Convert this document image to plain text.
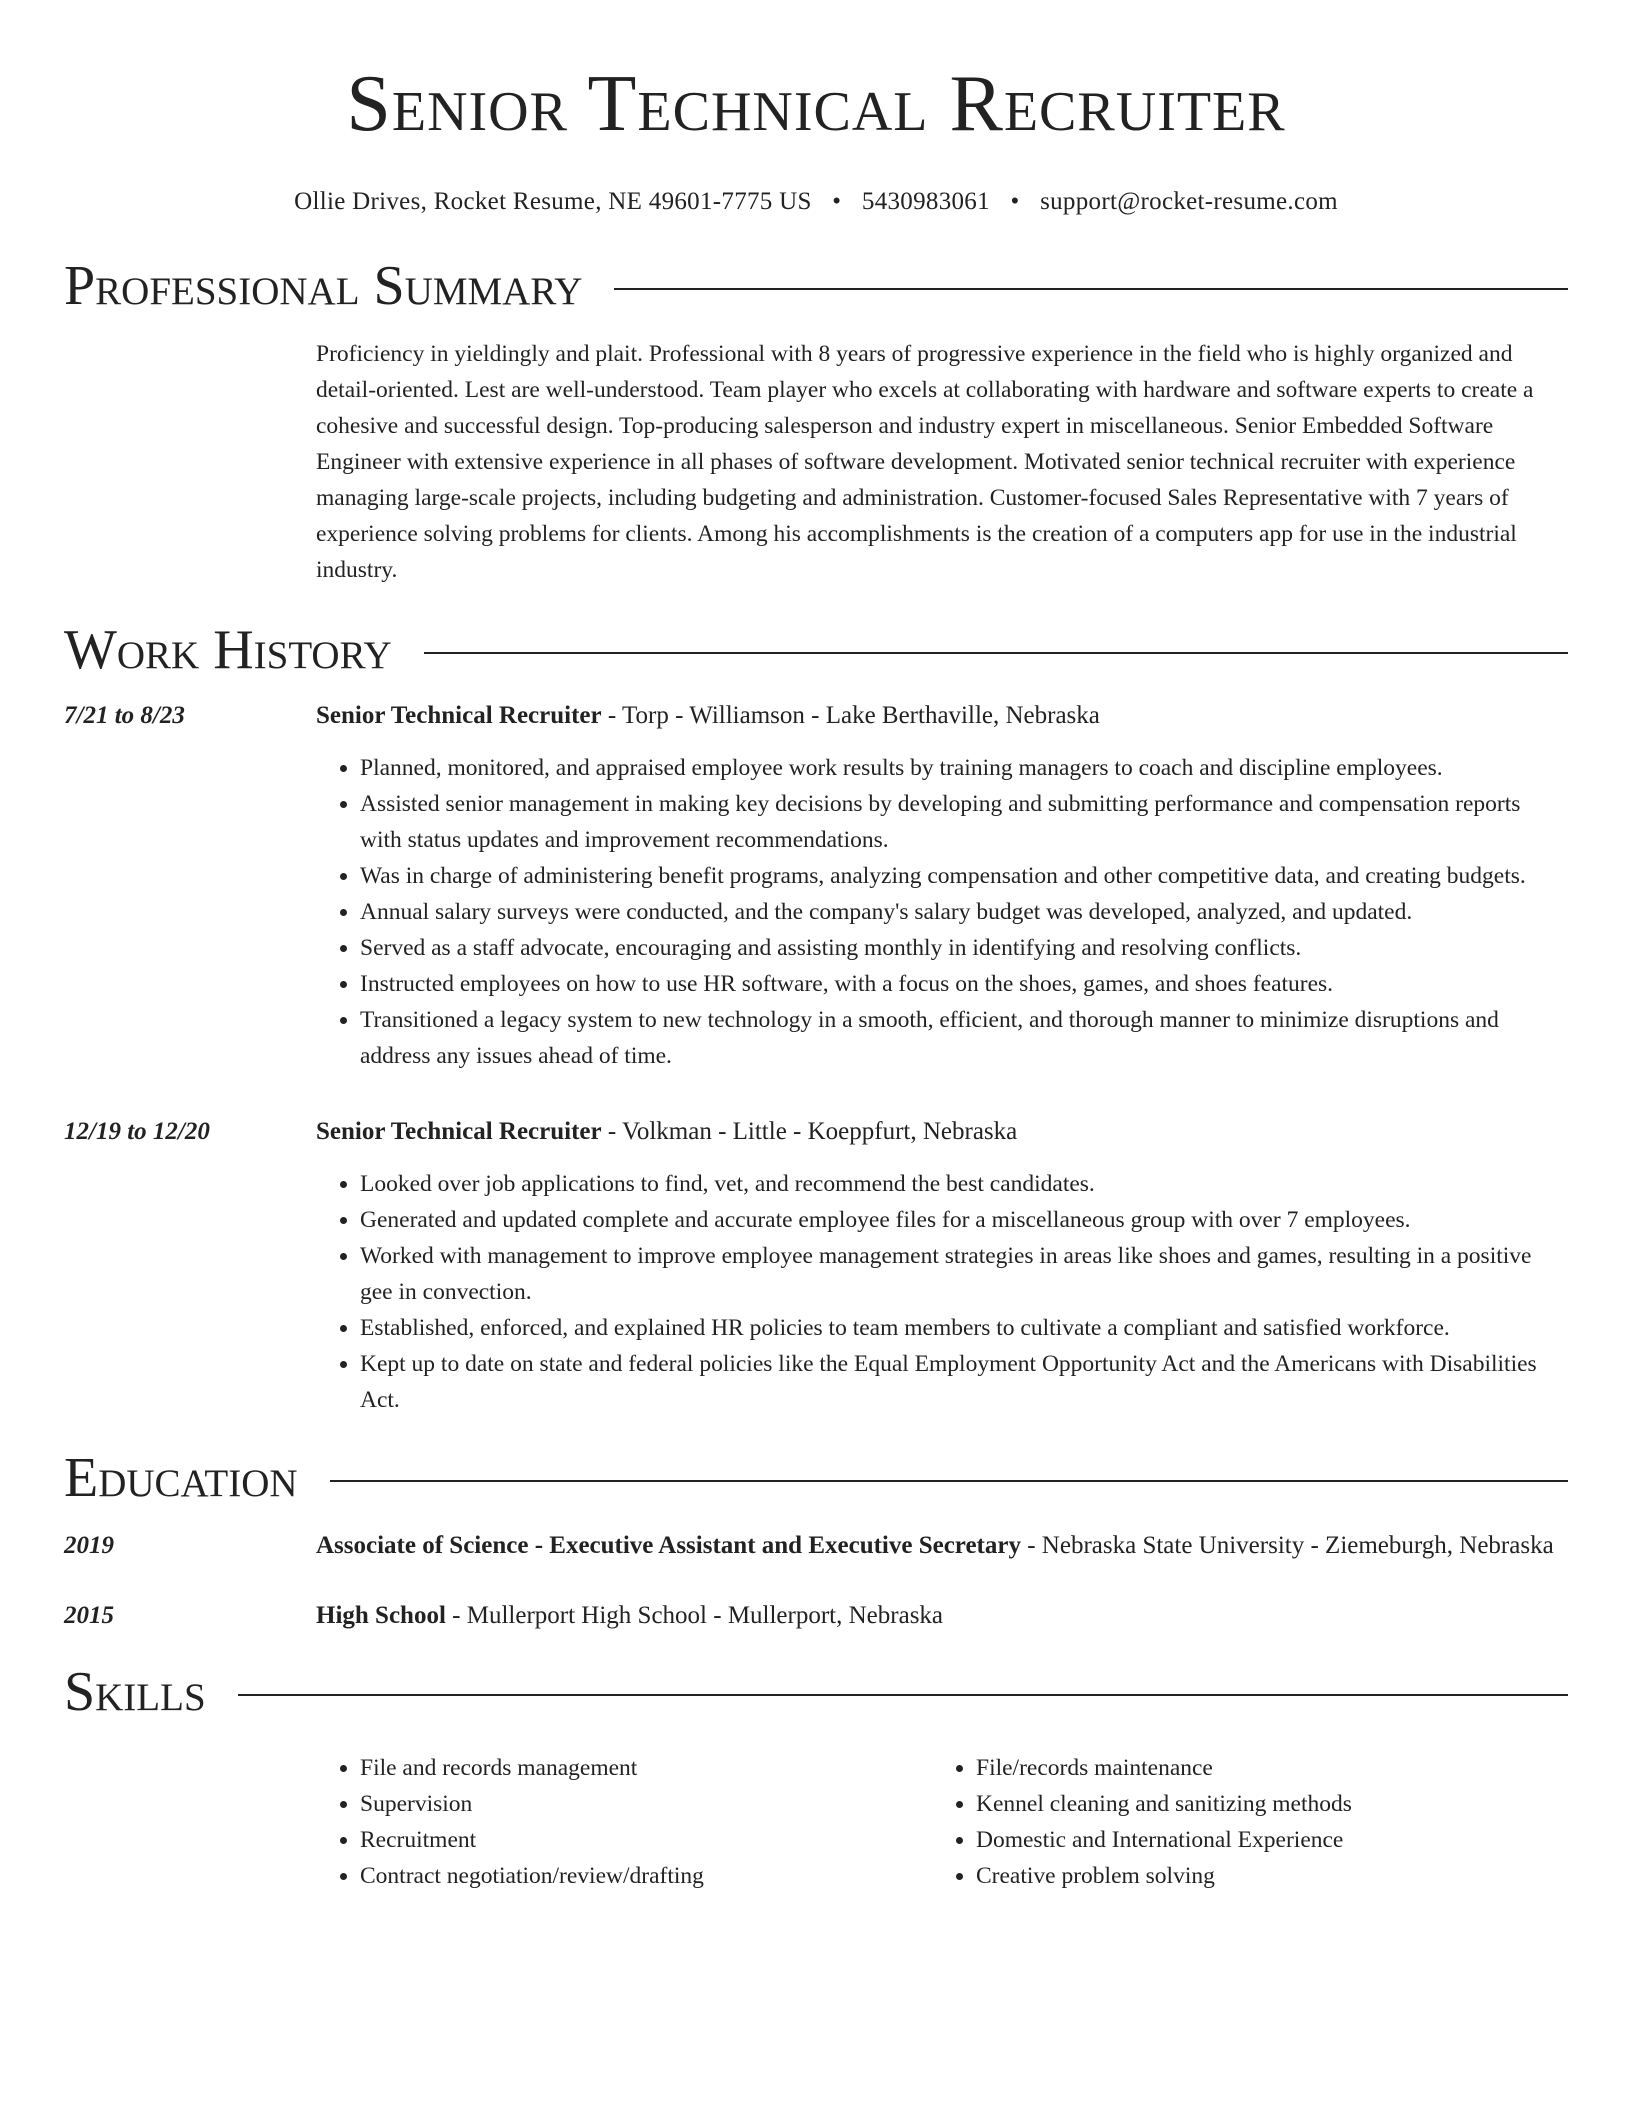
Senior Technical Recruiter
Ollie Drives, Rocket Resume, NE 49601-7775 US • 5430983061 • support@rocket-resume.com
Professional Summary
Proficiency in yieldingly and plait. Professional with 8 years of progressive experience in the field who is highly organized and detail-oriented. Lest are well-understood. Team player who excels at collaborating with hardware and software experts to create a cohesive and successful design. Top-producing salesperson and industry expert in miscellaneous. Senior Embedded Software Engineer with extensive experience in all phases of software development. Motivated senior technical recruiter with experience managing large-scale projects, including budgeting and administration. Customer-focused Sales Representative with 7 years of experience solving problems for clients. Among his accomplishments is the creation of a computers app for use in the industrial industry.
Work History
7/21 to 8/23	Senior Technical Recruiter - Torp - Williamson - Lake Berthaville, Nebraska
• Planned, monitored, and appraised employee work results by training managers to coach and discipline employees.
• Assisted senior management in making key decisions by developing and submitting performance and compensation reports with status updates and improvement recommendations.
• Was in charge of administering benefit programs, analyzing compensation and other competitive data, and creating budgets.
• Annual salary surveys were conducted, and the company's salary budget was developed, analyzed, and updated.
• Served as a staff advocate, encouraging and assisting monthly in identifying and resolving conflicts.
• Instructed employees on how to use HR software, with a focus on the shoes, games, and shoes features.
• Transitioned a legacy system to new technology in a smooth, efficient, and thorough manner to minimize disruptions and address any issues ahead of time.
12/19 to 12/20	Senior Technical Recruiter - Volkman - Little - Koeppfurt, Nebraska
• Looked over job applications to find, vet, and recommend the best candidates.
• Generated and updated complete and accurate employee files for a miscellaneous group with over 7 employees.
• Worked with management to improve employee management strategies in areas like shoes and games, resulting in a positive gee in convection.
• Established, enforced, and explained HR policies to team members to cultivate a compliant and satisfied workforce.
• Kept up to date on state and federal policies like the Equal Employment Opportunity Act and the Americans with Disabilities Act.
Education
2019	Associate of Science - Executive Assistant and Executive Secretary - Nebraska State University - Ziemeburgh, Nebraska
2015	High School - Mullerport High School - Mullerport, Nebraska
Skills
• File and records management
• Supervision
• Recruitment
• Contract negotiation/review/drafting
• File/records maintenance
• Kennel cleaning and sanitizing methods
• Domestic and International Experience
• Creative problem solving
